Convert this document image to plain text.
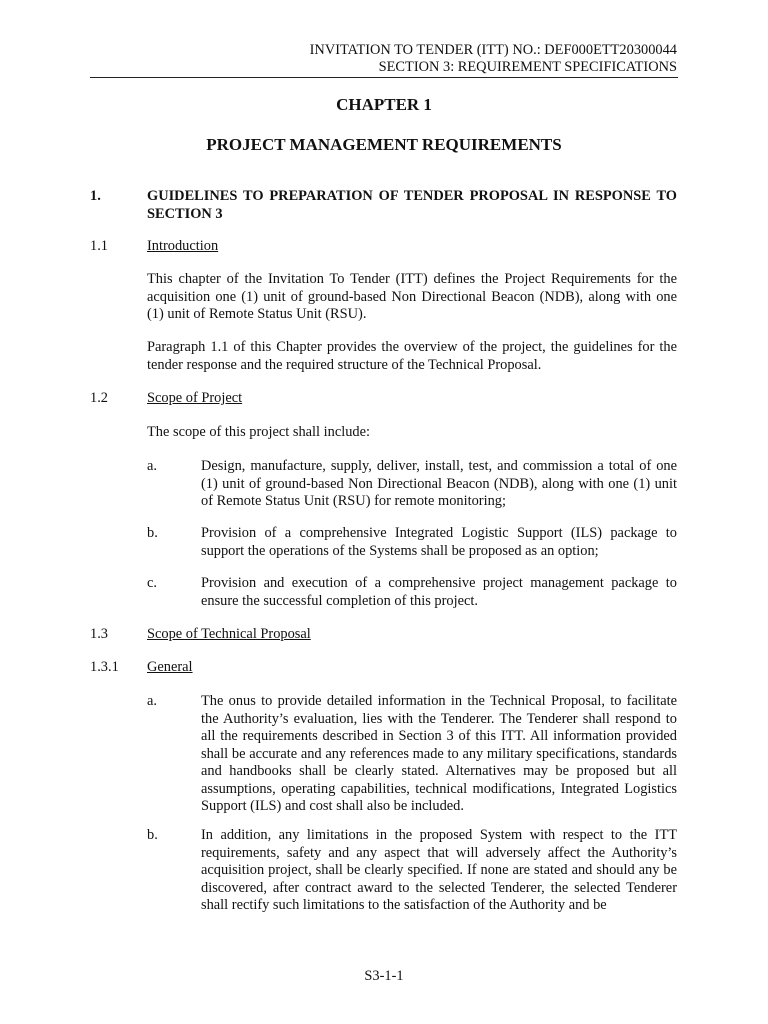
INVITATION TO TENDER (ITT) NO.: DEF000ETT20300044
SECTION 3: REQUIREMENT SPECIFICATIONS
CHAPTER 1
PROJECT MANAGEMENT REQUIREMENTS
1.	GUIDELINES TO PREPARATION OF TENDER PROPOSAL IN RESPONSE TO SECTION 3
1.1	Introduction
This chapter of the Invitation To Tender (ITT) defines the Project Requirements for the acquisition one (1) unit of ground-based Non Directional Beacon (NDB), along with one (1) unit of Remote Status Unit (RSU).
Paragraph 1.1 of this Chapter provides the overview of the project, the guidelines for the tender response and the required structure of the Technical Proposal.
1.2	Scope of Project
The scope of this project shall include:
a.	Design, manufacture, supply, deliver, install, test, and commission a total of one (1) unit of ground-based Non Directional Beacon (NDB), along with one (1) unit of Remote Status Unit (RSU) for remote monitoring;
b.	Provision of a comprehensive Integrated Logistic Support (ILS) package to support the operations of the Systems shall be proposed as an option;
c.	Provision and execution of a comprehensive project management package to ensure the successful completion of this project.
1.3	Scope of Technical Proposal
1.3.1 General
a.	The onus to provide detailed information in the Technical Proposal, to facilitate the Authority’s evaluation, lies with the Tenderer. The Tenderer shall respond to all the requirements described in Section 3 of this ITT. All information provided shall be accurate and any references made to any military specifications, standards and handbooks shall be clearly stated. Alternatives may be proposed but all assumptions, operating capabilities, technical modifications, Integrated Logistics Support (ILS) and cost shall also be included.
b.	In addition, any limitations in the proposed System with respect to the ITT requirements, safety and any aspect that will adversely affect the Authority’s acquisition project, shall be clearly specified. If none are stated and should any be discovered, after contract award to the selected Tenderer, the selected Tenderer shall rectify such limitations to the satisfaction of the Authority and be
S3-1-1
